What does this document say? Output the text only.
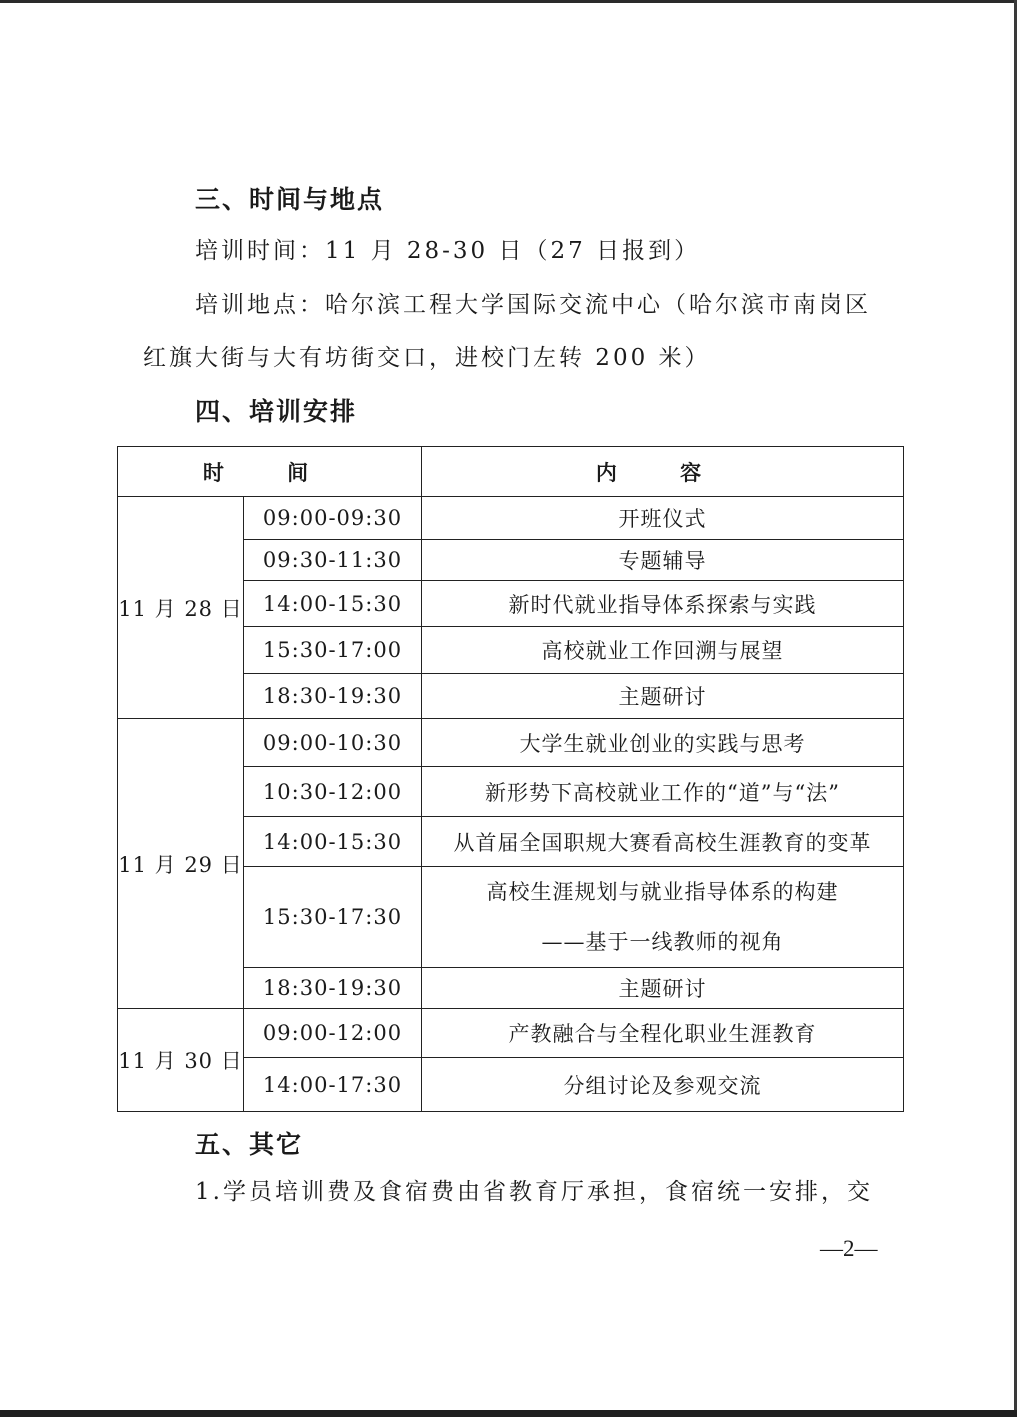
三、时间与地点
培训时间：11 月 28-30 日（27 日报到）
培训地点：哈尔滨工程大学国际交流中心（哈尔滨市南岗区
红旗大街与大有坊街交口，进校门左转 200 米）
四、培训安排
时 间		内 容
11 月 28 日	09:00-09:30	开班仪式
	09:30-11:30	专题辅导
	14:00-15:30	新时代就业指导体系探索与实践
	15:30-17:00	高校就业工作回溯与展望
	18:30-19:30	主题研讨
11 月 29 日	09:00-10:30	大学生就业创业的实践与思考
	10:30-12:00	新形势下高校就业工作的“道”与“法”
	14:00-15:30	从首届全国职规大赛看高校生涯教育的变革
	15:30-17:30	高校生涯规划与就业指导体系的构建
——基于一线教师的视角

	18:30-19:30	主题研讨
11 月 30 日	09:00-12:00	产教融合与全程化职业生涯教育
	14:00-17:30	分组讨论及参观交流
五、其它
1.学员培训费及食宿费由省教育厅承担，食宿统一安排，交
—2—
